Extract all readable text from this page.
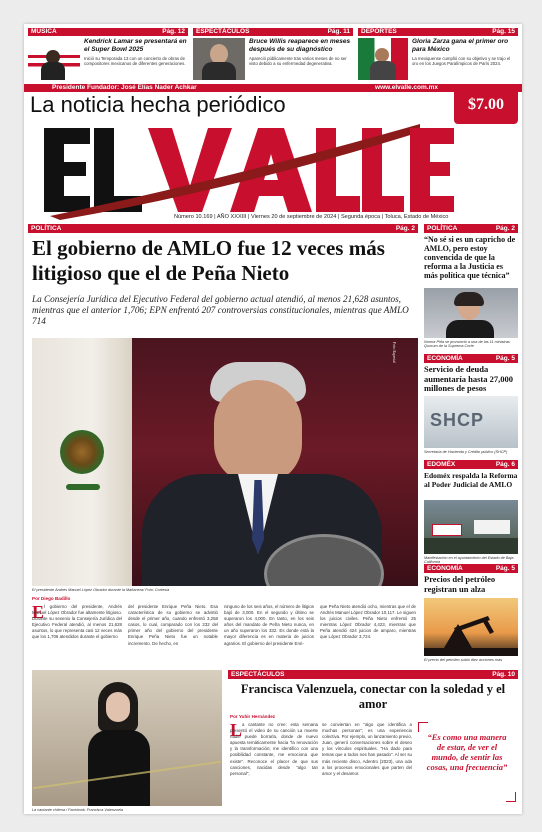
MÚSICA	Pág. 12
Kendrick Lamar se presentará en el Super Bowl 2025
Inició su Temporada 13 con un concierto de obras de compositores mexicanos de diferentes generaciones.
ESPECTÁCULOS	Pág. 11
Bruce Willis reaparece en meses después de su diagnóstico
Apareció públicamente tras varios meses de no ser visto debido a su enfermedad degenerativa.
DEPORTES	Pág. 15
Gloria Zarza gana el primer oro para México
La mexiquense cumplió con su objetivo y se trajo el oro en los Juegos Paralímpicos de París 2024.
Presidente Fundador: José Elías Nader Achkar	www.elvalle.com.mx
$7.00
La noticia hecha periódico
Número 10.169 | AÑO XXXIII | Viernes 20 de septiembre de 2024 | Segunda época | Toluca, Estado de México
POLÍTICA	Pág. 2
El gobierno de AMLO fue 12 veces más litigioso que el de Peña Nieto
La Consejería Jurídica del Ejecutivo Federal del gobierno actual atendió, al menos 21,628 asuntos, mientras que el anterior 1,706; EPN enfrentó 207 controversias constitucionales, mientras que AMLO 714
Foto: Especial
El presidente Andrés Manuel López Obrador durante la Mañanera/ Foto: Cortesía
Por Diego Badillo
E l gobierno del presidente, Andrés Manuel López Obrador fue altamente litigioso. Durante su sexenio la Consejería Jurídica del Ejecutivo Federal atendió, al menos 21,628 asuntos, lo que representa casi 12 veces más que los 1,706 atendidos durante el gobierno
del presidente Enrique Peña Nieto. Esa característica de su gobierno se advirtió desde el primer año, cuando enfrentó 3,258 casos, lo cual, comparado con los 232 del primer año del gobierno del presidente Enrique Peña Nieto fue un notable incremento. De hecho, en
ninguno de los seis años, el número de litigios bajó de 3,000. En el segundo y último se superaron los 4,000. En tanto, en los seis años del mandato de Peña Nieto nunca, en un año superaron los 332. Es donde está la mayor diferencia es en materia de juicios agrarios. El gobierno del presidente Enri-
que Peña Nieto atendió ocho, mientras que el de Andrés Manuel López Obrador 10,117. Le siguen los juicios civiles. Peña Nieto enfrentó 25 mientras López Obrador 4,423, mientras que Peña atendió 424 juicios de amparo, mientras que López Obrador 3,724.
POLÍTICA	Pág. 2
“No sé si es un capricho de AMLO, pero estoy convencida de que la reforma a la Justicia es más política que técnica”
Norma Piña se pronunció a una de las 11 ministras Quorum de la Suprema Corte
ECONOMÍA	Pág. 5
Servicio de deuda aumentaría hasta 27,000 millones de pesos
SHCP
Secretaría de Hacienda y Crédito público (SHCP)
EDOMÉX	Pág. 6
Edoméx respalda la Reforma al Poder Judicial de AMLO
Manifestación en el ayuntamiento del Estado de Baja California
ECONOMÍA	Pág. 5
Precios del petróleo registran un alza
El precio del petróleo subió diez acciones más
La cantante chilena / Facebook: Francisca Valenzuela
ESPECTÁCULOS	Pág. 10
Francisca Valenzuela, conectar con la soledad y el amor
Por Yuhir Hernández
L a cantante no cree: esta semana presentó el video de su canción La muerte nadie puede borrarla, donde de nuevo apuesta temáticamente hacia "la renovación y la transformación; me identifico con una posibilidad constante, me emociona que existe". Reconoce el placer de que sus canciones, nacidas desde "algo tan personal",
se conviertan en "algo que identifica a muchas personas"; es una experiencia colectiva. Por ejemplo, un lanzamiento previo, Juan, generó conversaciones sobre el deseo y los vínculos espirituales. "Ha dado para temas que a todos nos han pasado". Al ser su más reciente disco, Adentro (2023), una oda a los procesos emocionales que parten del amor y el desamor.
“Es como una manera de estar, de ver el mundo, de sentir las cosas, una frecuencia”
